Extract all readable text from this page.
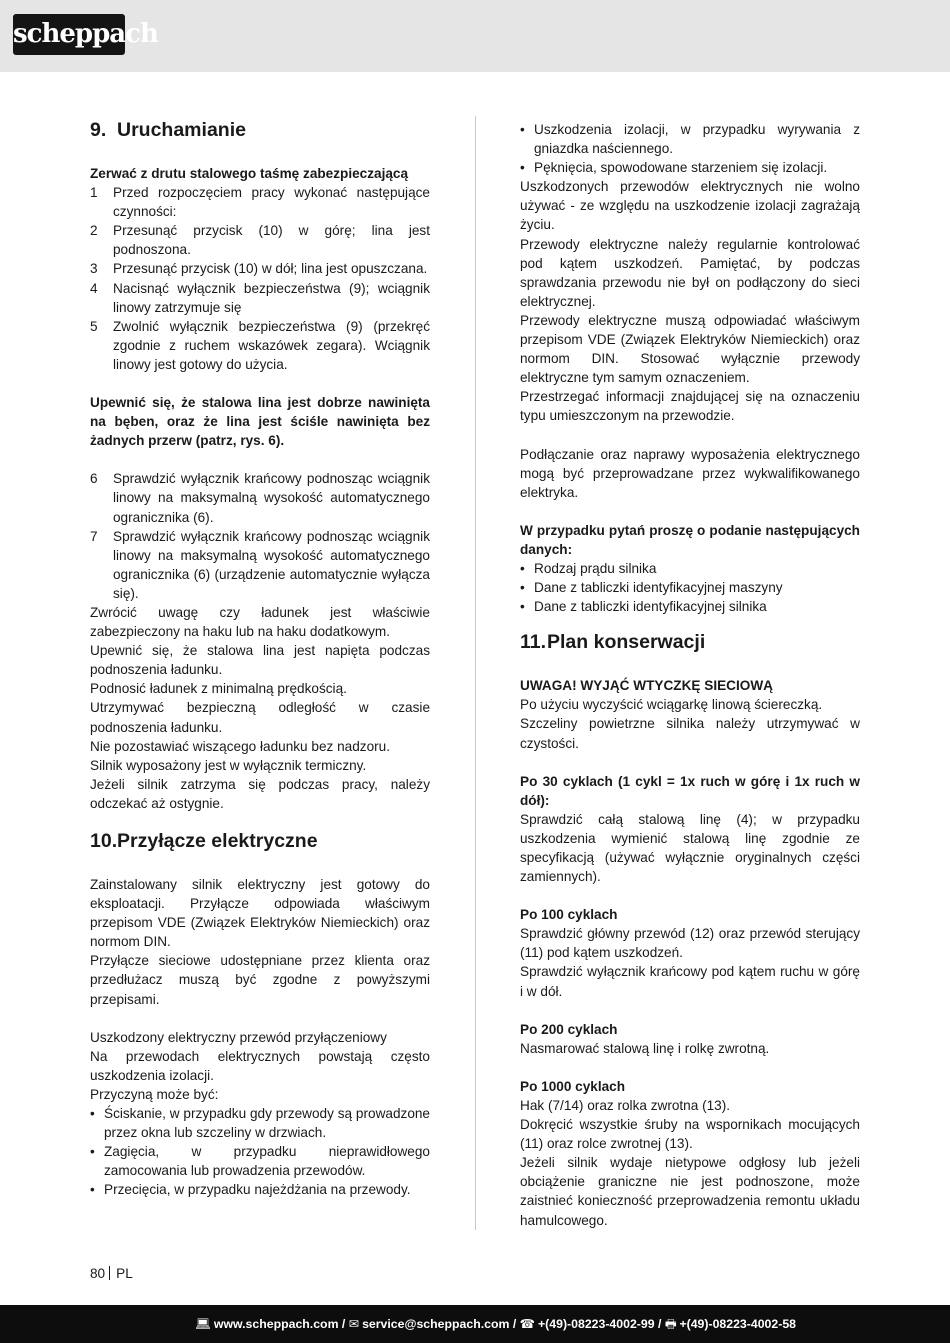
scheppach
9. Uruchamianie

Zerwać z drutu stalowego taśmę zabezpieczającą

1	Przed rozpoczęciem pracy wykonać następujące czynności:
2	Przesunąć przycisk (10) w górę; lina jest podnoszona.
3	Przesunąć przycisk (10) w dół; lina jest opuszczana.
4	Nacisnąć wyłącznik bezpieczeństwa (9); wciągnik linowy zatrzymuje się
5	Zwolnić wyłącznik bezpieczeństwa (9) (przekręć zgodnie z ruchem wskazówek zegara). Wciągnik linowy jest gotowy do użycia.

Upewnić się, że stalowa lina jest dobrze nawinięta na bęben, oraz że lina jest ściśle nawinięta bez żadnych przerw (patrz, rys. 6).

6	Sprawdzić wyłącznik krańcowy podnosząc wciągnik linowy na maksymalną wysokość automatycznego ogranicznika (6).
7	Sprawdzić wyłącznik krańcowy podnosząc wciągnik linowy na maksymalną wysokość automatycznego ogranicznika (6) (urządzenie automatycznie wyłącza się).

Zwrócić uwagę czy ładunek jest właściwie zabezpieczony na haku lub na haku dodatkowym.

Upewnić się, że stalowa lina jest napięta podczas podnoszenia ładunku.

Podnosić ładunek z minimalną prędkością.

Utrzymywać bezpieczną odległość w czasie podnoszenia ładunku.

Nie pozostawiać wiszącego ładunku bez nadzoru.

Silnik wyposażony jest w wyłącznik termiczny.

Jeżeli silnik zatrzyma się podczas pracy, należy odczekać aż ostygnie.

10.Przyłącze elektryczne

Zainstalowany silnik elektryczny jest gotowy do eksploatacji. Przyłącze odpowiada właściwym przepisom VDE (Związek Elektryków Niemieckich) oraz normom DIN.

Przyłącze sieciowe udostępniane przez klienta oraz przedłużacz muszą być zgodne z powyższymi przepisami.

Uszkodzony elektryczny przewód przyłączeniowy

Na przewodach elektrycznych powstają często uszkodzenia izolacji.

Przyczyną może być:

• Ściskanie, w przypadku gdy przewody są prowadzone przez okna lub szczeliny w drzwiach.
• Zagięcia, w przypadku nieprawidłowego zamocowania lub prowadzenia przewodów.
• Przecięcia, w przypadku najeżdżania na przewody.
• Uszkodzenia izolacji, w przypadku wyrywania z gniazdka naściennego.
• Pęknięcia, spowodowane starzeniem się izolacji.

Uszkodzonych przewodów elektrycznych nie wolno używać - ze względu na uszkodzenie izolacji zagrażają życiu.

Przewody elektryczne należy regularnie kontrolować pod kątem uszkodzeń. Pamiętać, by podczas sprawdzania przewodu nie był on podłączony do sieci elektrycznej.

Przewody elektryczne muszą odpowiadać właściwym przepisom VDE (Związek Elektryków Niemieckich) oraz normom DIN. Stosować wyłącznie przewody elektryczne tym samym oznaczeniem.

Przestrzegać informacji znajdującej się na oznaczeniu typu umieszczonym na przewodzie.

Podłączanie oraz naprawy wyposażenia elektrycznego mogą być przeprowadzane przez wykwalifikowanego elektryka.

W przypadku pytań proszę o podanie następujących danych:

• Rodzaj prądu silnika
• Dane z tabliczki identyfikacyjnej maszyny
• Dane z tabliczki identyfikacyjnej silnika
11.Plan konserwacji

UWAGA! WYJĄĆ WTYCZKĘ SIECIOWĄ

Po użyciu wyczyścić wciągarkę linową ściereczką.

Szczeliny powietrzne silnika należy utrzymywać w czystości.

Po 30 cyklach (1 cykl = 1x ruch w górę i 1x ruch w dół):

Sprawdzić całą stalową linę (4); w przypadku uszkodzenia wymienić stalową linę zgodnie ze specyfikacją (używać wyłącznie oryginalnych części zamiennych).

Po 100 cyklach

Sprawdzić główny przewód (12) oraz przewód sterujący (11) pod kątem uszkodzeń.

Sprawdzić wyłącznik krańcowy pod kątem ruchu w górę i w dół.

Po 200 cyklach

Nasmarować stalową linę i rolkę zwrotną.

Po 1000 cyklach

Hak (7/14) oraz rolka zwrotna (13).

Dokręcić wszystkie śruby na wspornikach mocujących (11) oraz rolce zwrotnej (13).

Jeżeli silnik wydaje nietypowe odgłosy lub jeżeli obciążenie graniczne nie jest podnoszone, może zaistnieć konieczność przeprowadzenia remontu układu hamulcowego.

80 PL
💻︎ www.scheppach.com / ✉︎ service@scheppach.com / ☎︎ +(49)-08223-4002-99 / 🖶︎ +(49)-08223-4002-58
